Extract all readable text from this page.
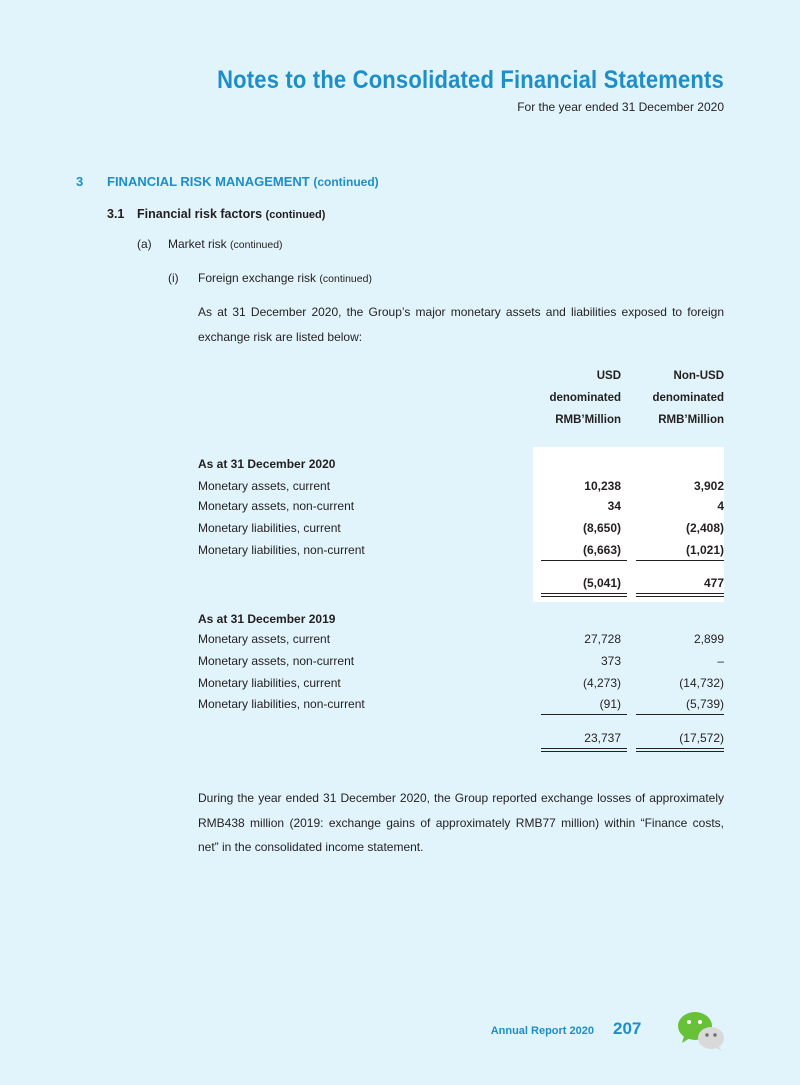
Notes to the Consolidated Financial Statements
For the year ended 31 December 2020
3 FINANCIAL RISK MANAGEMENT (continued)
3.1 Financial risk factors (continued)
(a) Market risk (continued)
(i) Foreign exchange risk (continued)
As at 31 December 2020, the Group’s major monetary assets and liabilities exposed to foreign exchange risk are listed below:
USD
denominated
RMB’Million
Non-USD
denominated
RMB’Million
As at 31 December 2020
Monetary assets, current	10,238	3,902
Monetary assets, non-current	34	4
Monetary liabilities, current	(8,650)	(2,408)
Monetary liabilities, non-current	(6,663)	(1,021)
(5,041)	477
As at 31 December 2019
Monetary assets, current	27,728	2,899
Monetary assets, non-current	373	–
Monetary liabilities, current	(4,273)	(14,732)
Monetary liabilities, non-current	(91)	(5,739)
23,737	(17,572)
During the year ended 31 December 2020, the Group reported exchange losses of approximately RMB438 million (2019: exchange gains of approximately RMB77 million) within “Finance costs, net” in the consolidated income statement.
Annual Report 2020 207
